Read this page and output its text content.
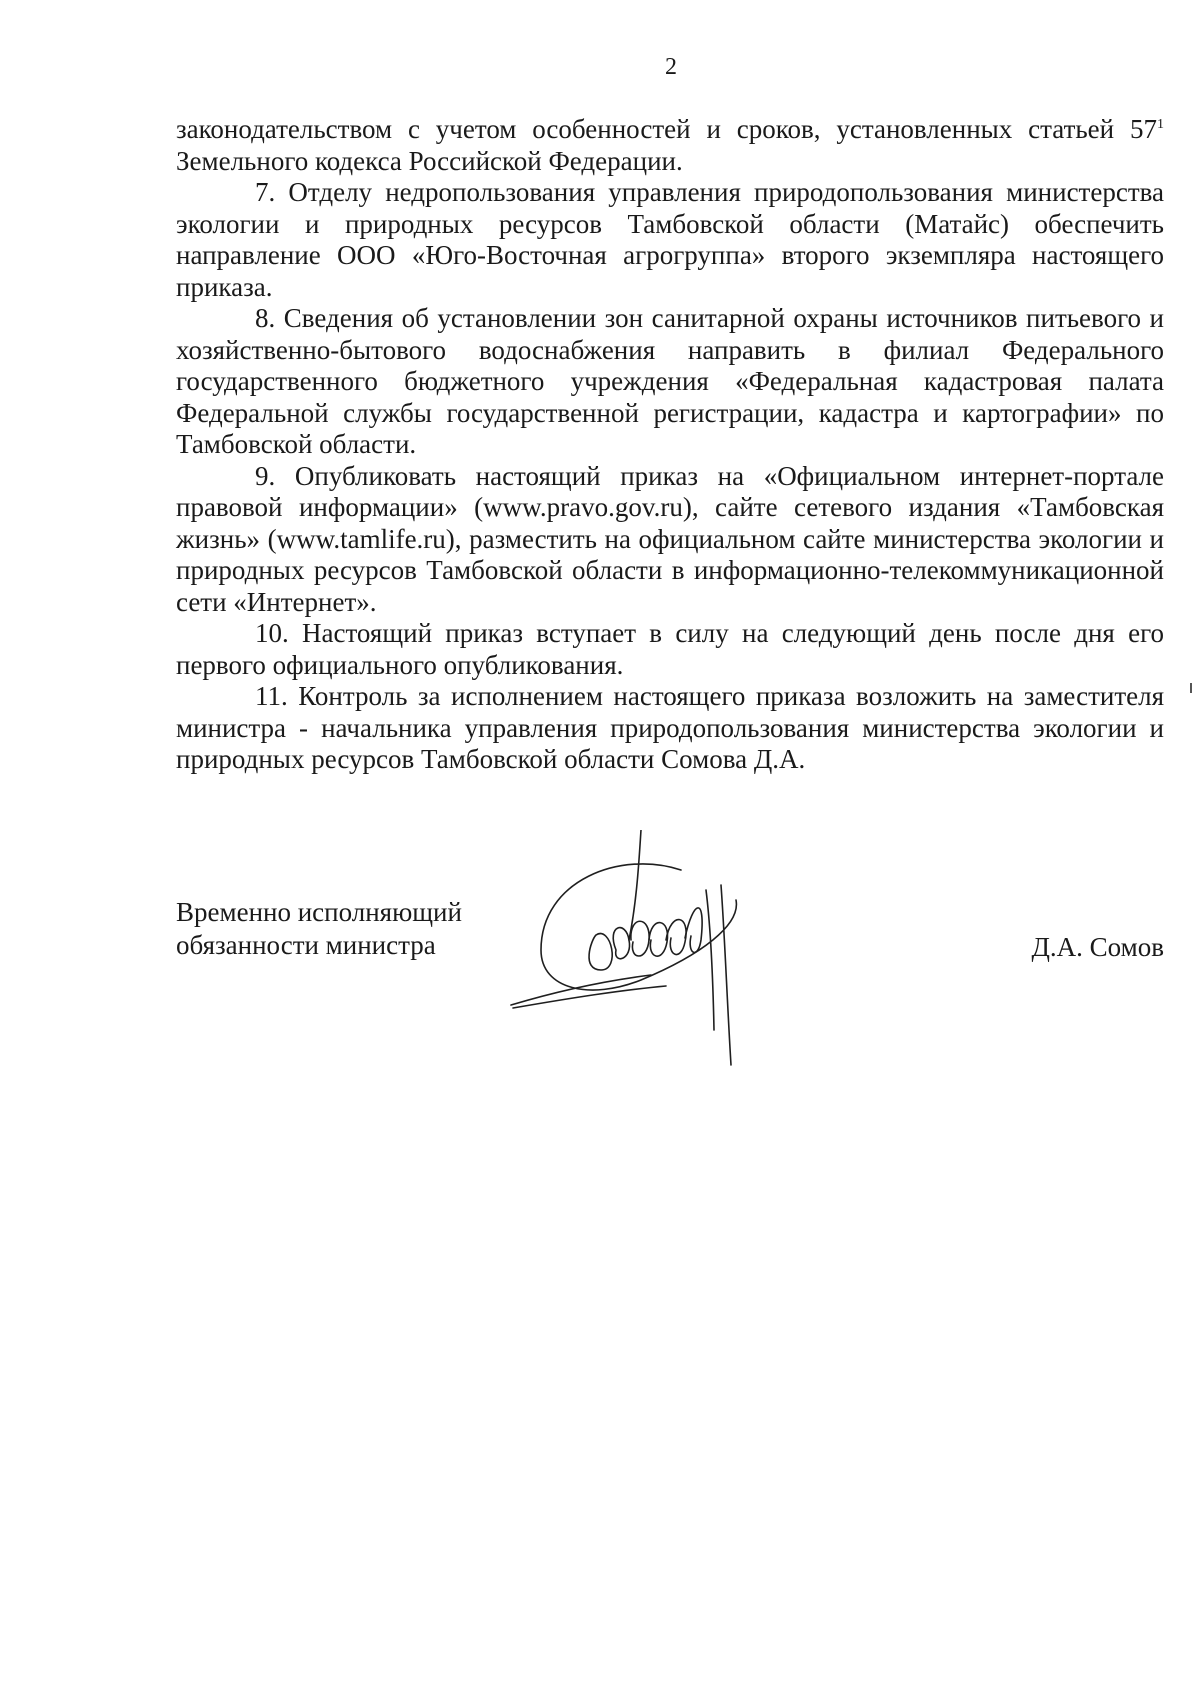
2

законодательством с учетом особенностей и сроков, установленных статьей $57^1$ Земельного кодекса Российской Федерации.

7. Отделу недропользования управления природопользования министерства экологии и природных ресурсов Тамбовской области (Матайс) обеспечить направление ООО «Юго-Восточная агрогруппа» второго экземпляра настоящего приказа.

8. Сведения об установлении зон санитарной охраны источников питьевого и хозяйственно-бытового водоснабжения направить в филиал Федерального государственного бюджетного учреждения «Федеральная кадастровая палата Федеральной службы государственной регистрации, кадастра и картографии» по Тамбовской области.

9. Опубликовать настоящий приказ на «Официальном интернет-портале правовой информации» (www.pravo.gov.ru), сайте сетевого издания «Тамбовская жизнь» (www.tamlife.ru), разместить на официальном сайте министерства экологии и природных ресурсов Тамбовской области в информационно-телекоммуникационной сети «Интернет».

10. Настоящий приказ вступает в силу на следующий день после дня его первого официального опубликования.

11. Контроль за исполнением настоящего приказа возложить на заместителя министра - начальника управления природопользования министерства экологии и природных ресурсов Тамбовской области Сомова Д.А.

Временно исполняющий
обязанности министра	Д.А. Сомов
